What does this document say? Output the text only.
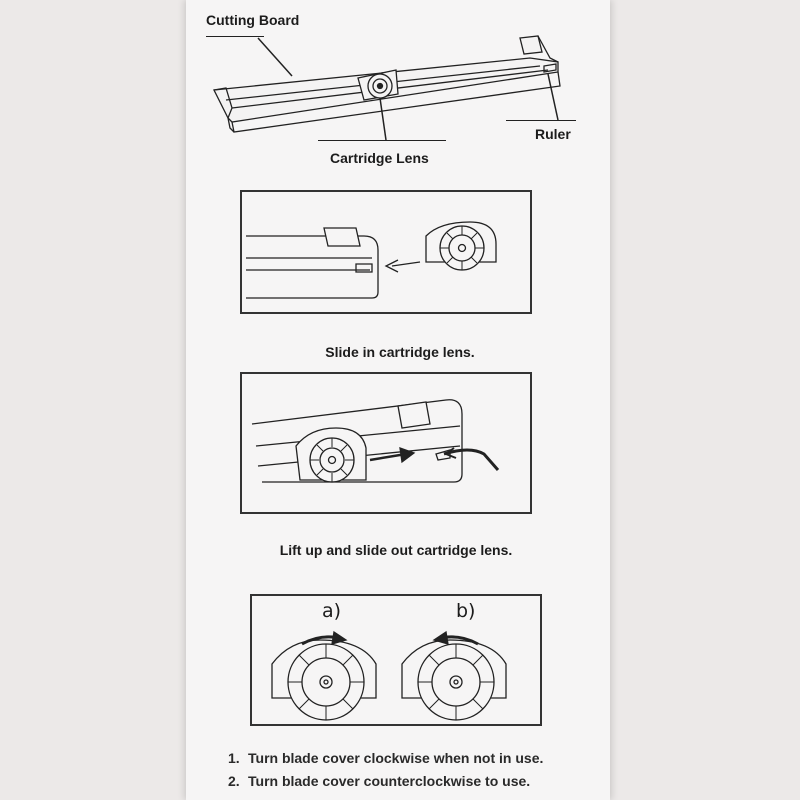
Cutting Board
Cartridge Lens
Ruler
Slide in cartridge lens.
Lift up and slide out cartridge lens.
a)	b)
1. Turn blade cover clockwise when not in use.
2. Turn blade cover counterclockwise to use.
